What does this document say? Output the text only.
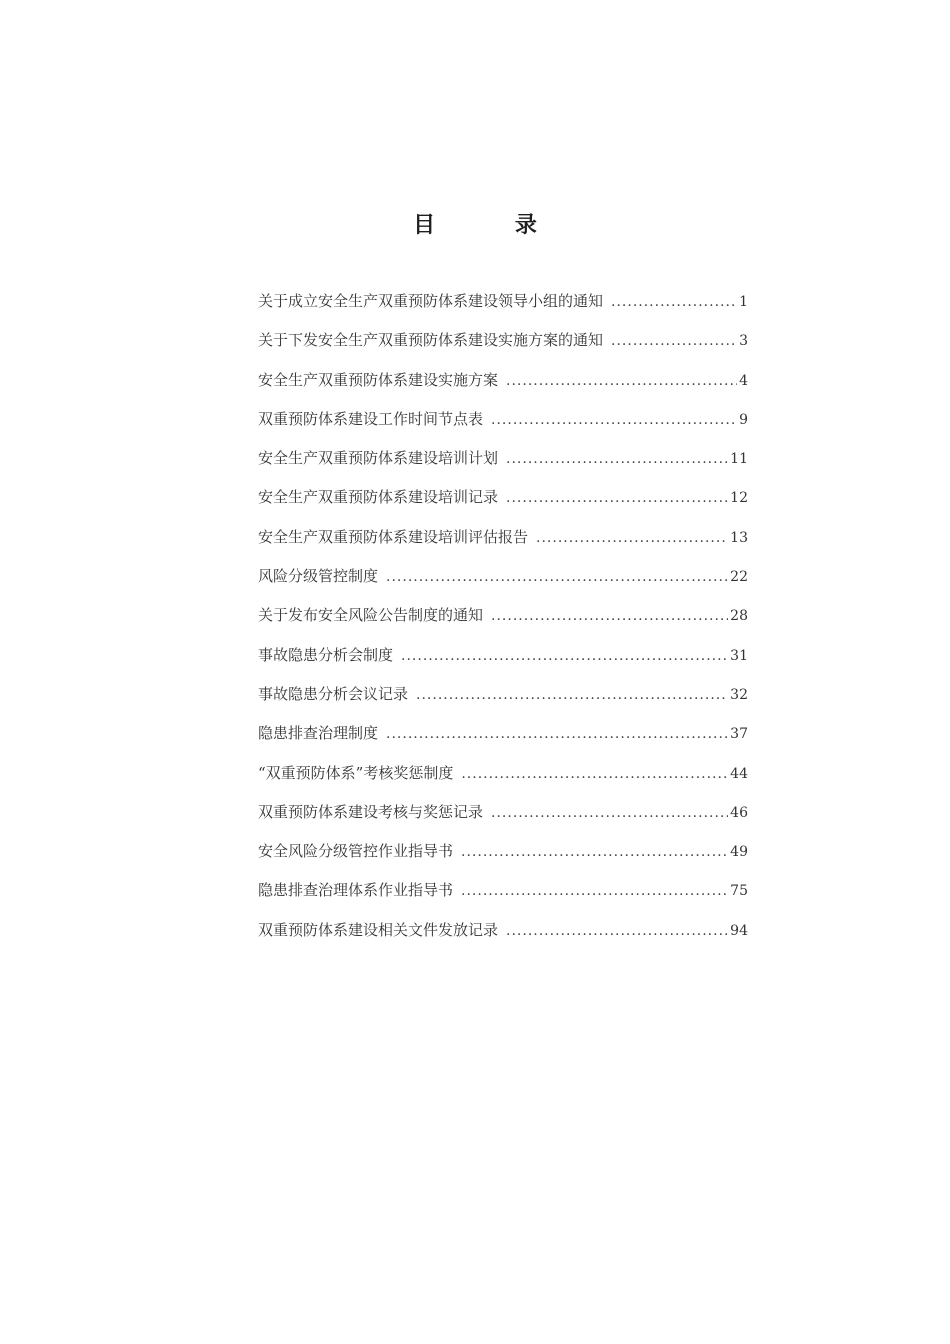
目 录
关于成立安全生产双重预防体系建设领导小组的通知 .....	1
关于下发安全生产双重预防体系建设实施方案的通知 .....	3
安全生产双重预防体系建设实施方案 .....	4
双重预防体系建设工作时间节点表 .....	9
安全生产双重预防体系建设培训计划 .....	11
安全生产双重预防体系建设培训记录 .....	12
安全生产双重预防体系建设培训评估报告 .....	13
风险分级管控制度 .....	22
关于发布安全风险公告制度的通知 .....	28
事故隐患分析会制度 .....	31
事故隐患分析会议记录 .....	32
隐患排查治理制度 .....	37
“双重预防体系”考核奖惩制度 .....	44
双重预防体系建设考核与奖惩记录 .....	46
安全风险分级管控作业指导书 .....	49
隐患排查治理体系作业指导书 .....	75
双重预防体系建设相关文件发放记录 .....	94
